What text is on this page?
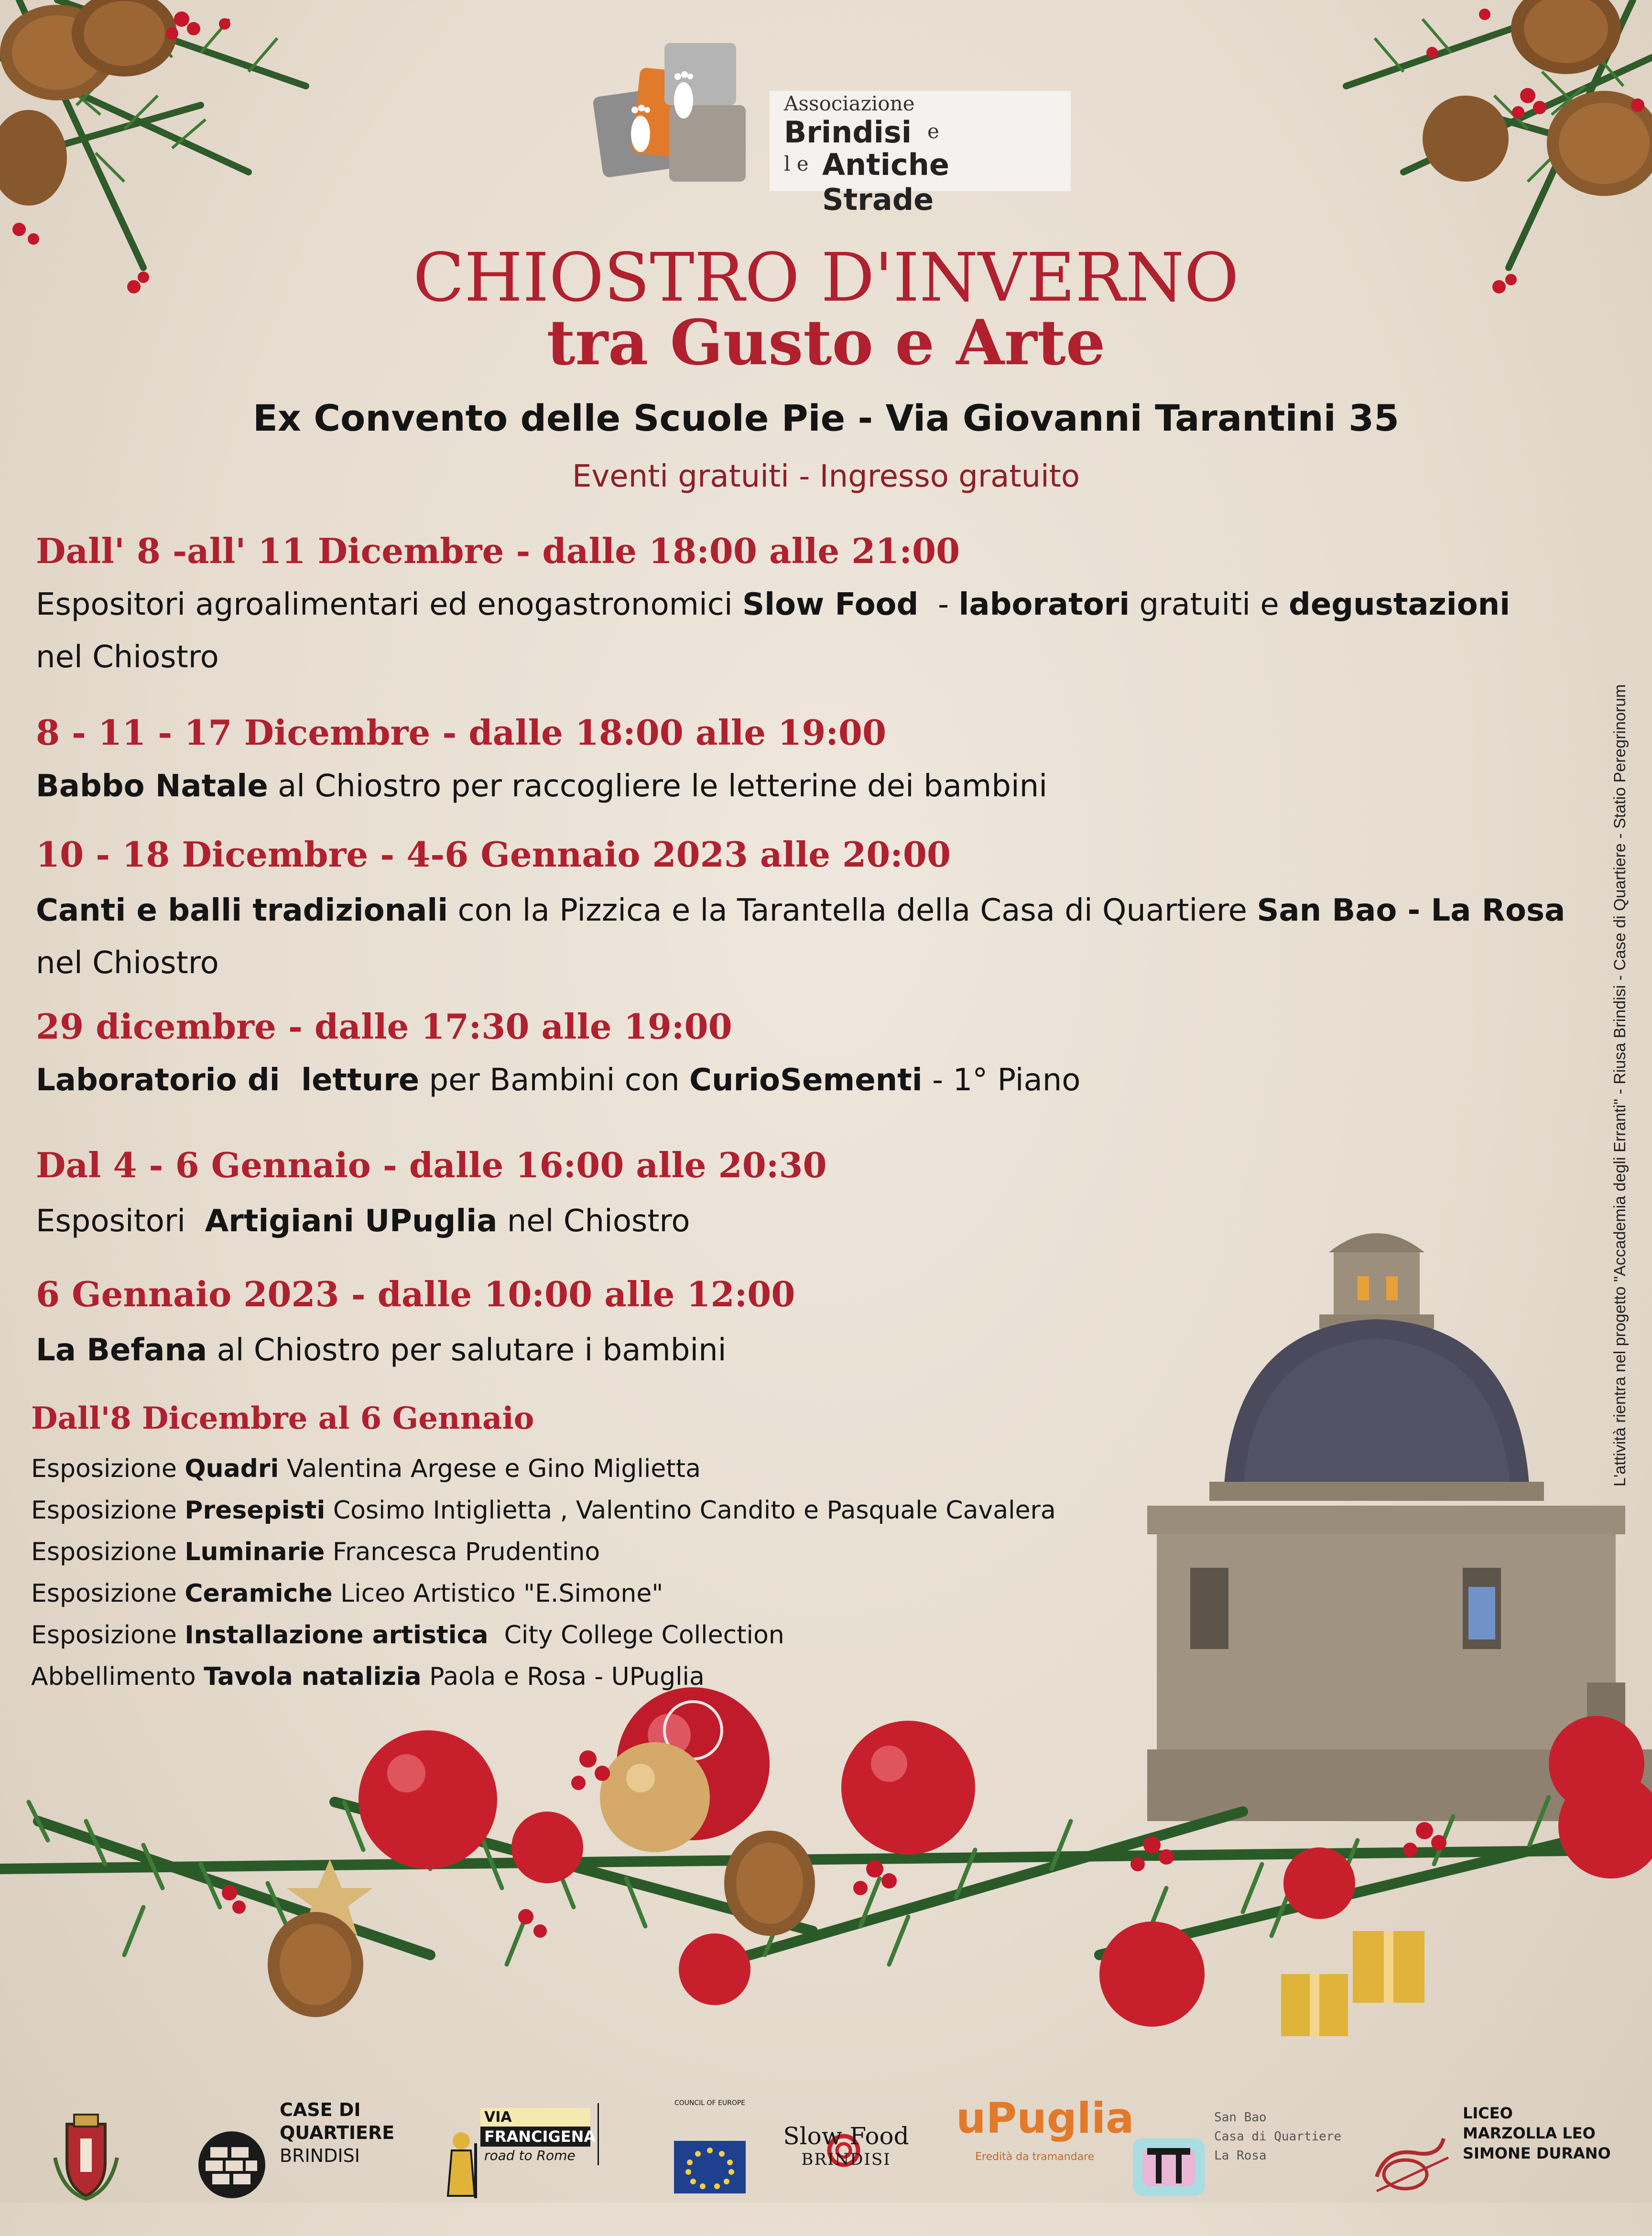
Associazione
Brindisi e
l e Antiche Strade
CHIOSTRO D'INVERNO
tra Gusto e Arte
Ex Convento delle Scuole Pie - Via Giovanni Tarantini 35
Eventi gratuiti - Ingresso gratuito
Dall' 8 -all' 11 Dicembre - dalle 18:00 alle 21:00
Espositori agroalimentari ed enogastronomici Slow Food  - laboratori gratuiti e degustazioni
nel Chiostro
8 - 11 - 17 Dicembre - dalle 18:00 alle 19:00
Babbo Natale al Chiostro per raccogliere le letterine dei bambini
10 - 18 Dicembre - 4-6 Gennaio 2023 alle 20:00
Canti e balli tradizionali con la Pizzica e la Tarantella della Casa di Quartiere San Bao - La Rosa
nel Chiostro
29 dicembre - dalle 17:30 alle 19:00
Laboratorio di  letture per Bambini con CurioSementi - 1° Piano
Dal 4 - 6 Gennaio - dalle 16:00 alle 20:30
Espositori  Artigiani UPuglia nel Chiostro
6 Gennaio 2023 - dalle 10:00 alle 12:00
La Befana al Chiostro per salutare i bambini
Dall'8 Dicembre al 6 Gennaio
Esposizione Quadri Valentina Argese e Gino Miglietta
Esposizione Presepisti Cosimo Intiglietta , Valentino Candito e Pasquale Cavalera
Esposizione Luminarie Francesca Prudentino
Esposizione Ceramiche Liceo Artistico "E.Simone"
Esposizione Installazione artistica  City College Collection
Abbellimento Tavola natalizia Paola e Rosa - UPuglia
L'attività rientra nel progetto "Accademia degli Erranti" - Riusa Brindisi - Case di Quartiere - Statio Peregrinorum
CASE DI
QUARTIERE
BRINDISI
VIA
FRANCIGENA
road to Rome
COUNCIL OF EUROPE
Slow Food
BRINDISI
uPuglia
Eredità da tramandare
San Bao
Casa di Quartiere
La Rosa
LICEO
MARZOLLA LEO
SIMONE DURANO
